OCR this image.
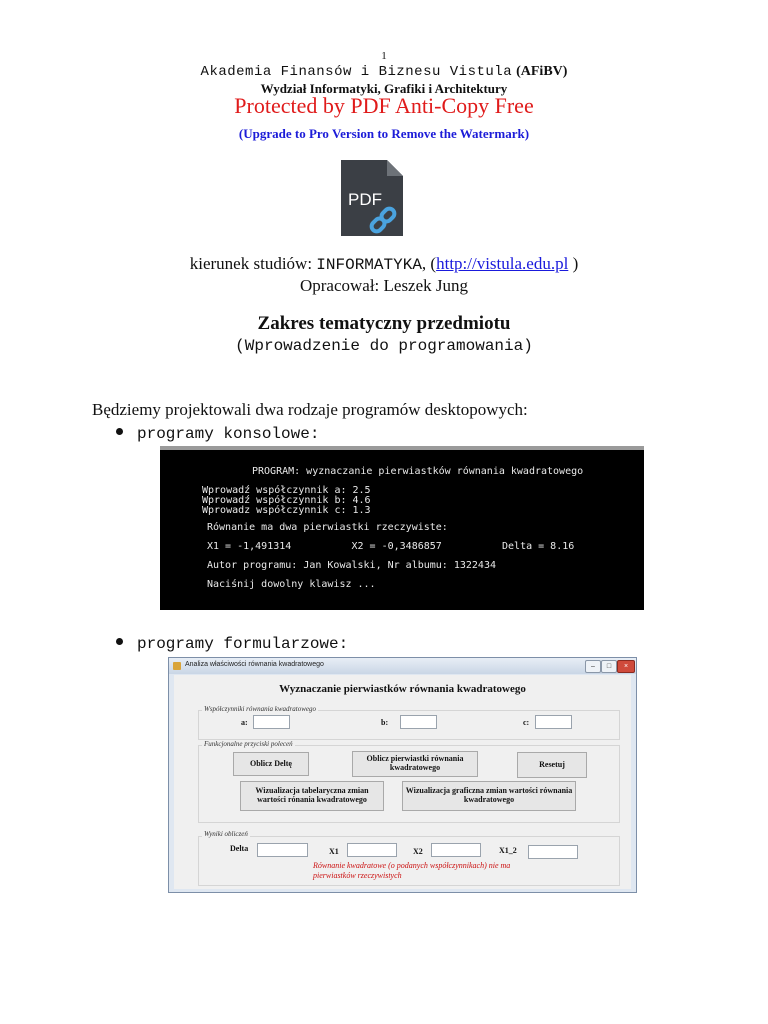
1
Akademia Finansów i Biznesu Vistula (AFiBV)
Wydział Informatyki, Grafiki i Architektury
Protected by PDF Anti-Copy Free
(Upgrade to Pro Version to Remove the Watermark)
PDF
kierunek studiów: INFORMATYKA, (http://vistula.edu.pl )
Opracował: Leszek Jung
Zakres tematyczny przedmiotu
(Wprowadzenie do programowania)
Będziemy projektowali dwa rodzaje programów desktopowych:
programy konsolowe:
PROGRAM: wyznaczanie pierwiastków równania kwadratowego
Wprowadź współczynnik a: 2.5
Wprowadź współczynnik b: 4.6
Wprowadz współczynnik c: 1.3
Równanie ma dwa pierwiastki rzeczywiste:
X1 = -1,491314          X2 = -0,3486857          Delta = 8.16
Autor programu: Jan Kowalski, Nr albumu: 1322434
Naciśnij dowolny klawisz ...
programy formularzowe:
Analiza właściwości równania kwadratowego	–	□	×
Wyznaczanie pierwiastków równania kwadratowego
Współczynniki równania kwadratowego
a:	b:	c:
Funkcjonalne przyciski poleceń
Oblicz Deltę	Oblicz pierwiastki równania kwadratowego	Resetuj
Wizualizacja tabelaryczna zmian wartości rónania kwadratowego
Wizualizacja graficzna zmian wartości równania kwadratowego
Wyniki obliczeń
Delta	X1	X2	X1_2
Równanie kwadratowe (o podanych współczynnikach) nie ma pierwiastków rzeczywistych
